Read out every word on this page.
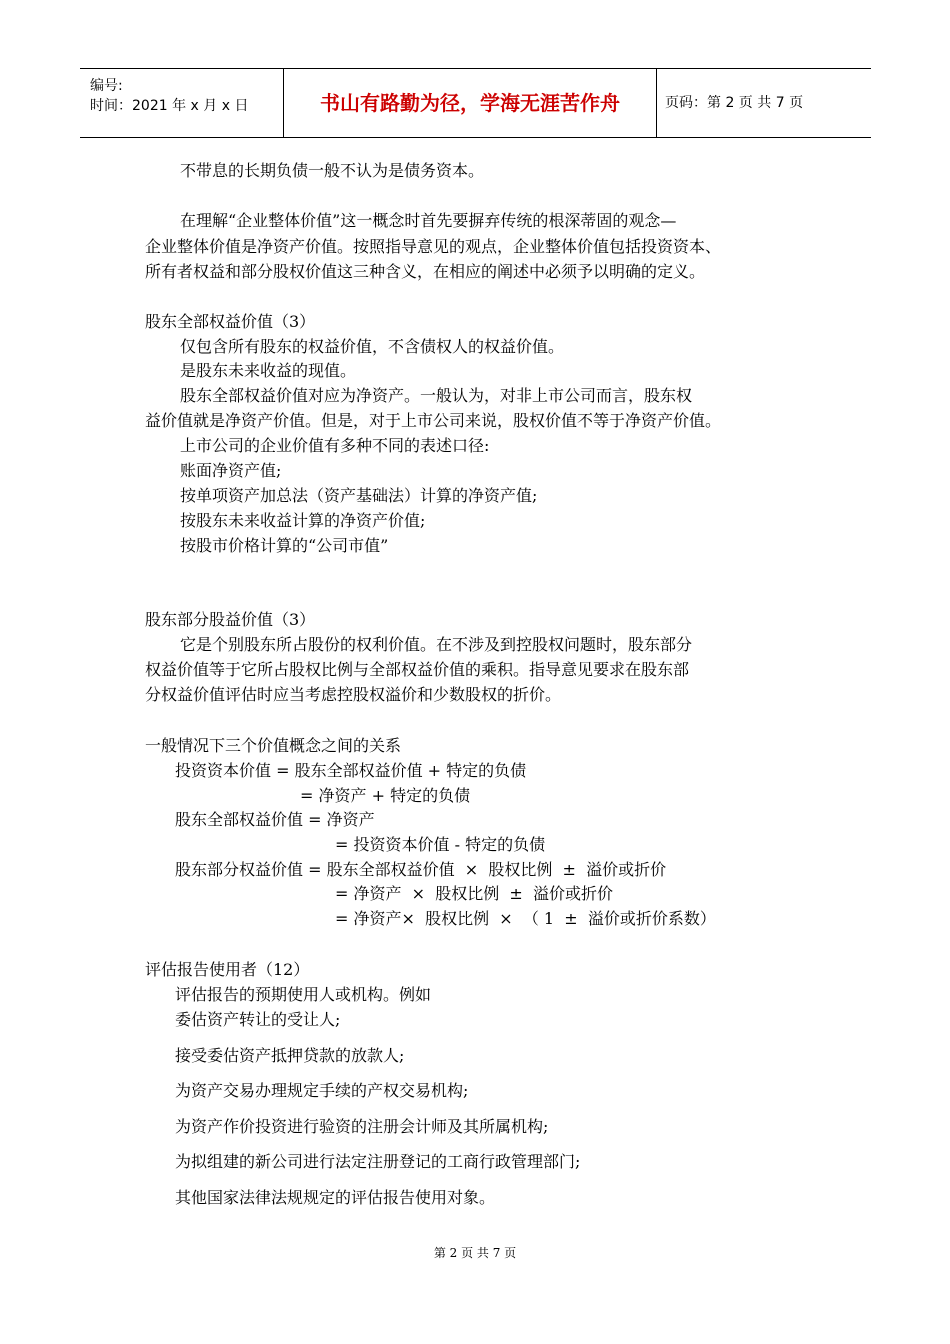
编号:
时间：2021 年 x 月 x 日	书山有路勤为径，学海无涯苦作舟	页码：第 2 页 共 7 页
不带息的长期负债一般不认为是债务资本。
在理解“企业整体价值”这一概念时首先要摒弃传统的根深蒂固的观念—
企业整体价值是净资产价值。按照指导意见的观点，企业整体价值包括投资资本、
所有者权益和部分股权价值这三种含义，在相应的阐述中必须予以明确的定义。
股东全部权益价值（3）
仅包含所有股东的权益价值，不含债权人的权益价值。
是股东未来收益的现值。
股东全部权益价值对应为净资产。一般认为，对非上市公司而言，股东权
益价值就是净资产价值。但是，对于上市公司来说，股权价值不等于净资产价值。
上市公司的企业价值有多种不同的表述口径:
账面净资产值;
按单项资产加总法（资产基础法）计算的净资产值;
按股东未来收益计算的净资产价值;
按股市价格计算的“公司市值”
股东部分股益价值（3）
它是个别股东所占股份的权利价值。在不涉及到控股权问题时，股东部分
权益价值等于它所占股权比例与全部权益价值的乘积。指导意见要求在股东部
分权益价值评估时应当考虑控股权溢价和少数股权的折价。
一般情况下三个价值概念之间的关系
投资资本价值 = 股东全部权益价值 + 特定的负债
= 净资产 + 特定的负债
股东全部权益价值 = 净资产
= 投资资本价值 - 特定的负债
股东部分权益价值 = 股东全部权益价值  ×  股权比例  ±  溢价或折价
= 净资产  ×  股权比例  ±  溢价或折价
= 净资产×  股权比例  ×  （ 1  ±  溢价或折价系数）
评估报告使用者（12）
评估报告的预期使用人或机构。例如
委估资产转让的受让人;
接受委估资产抵押贷款的放款人;
为资产交易办理规定手续的产权交易机构;
为资产作价投资进行验资的注册会计师及其所属机构;
为拟组建的新公司进行法定注册登记的工商行政管理部门;
其他国家法律法规规定的评估报告使用对象。
第 2 页 共 7 页
